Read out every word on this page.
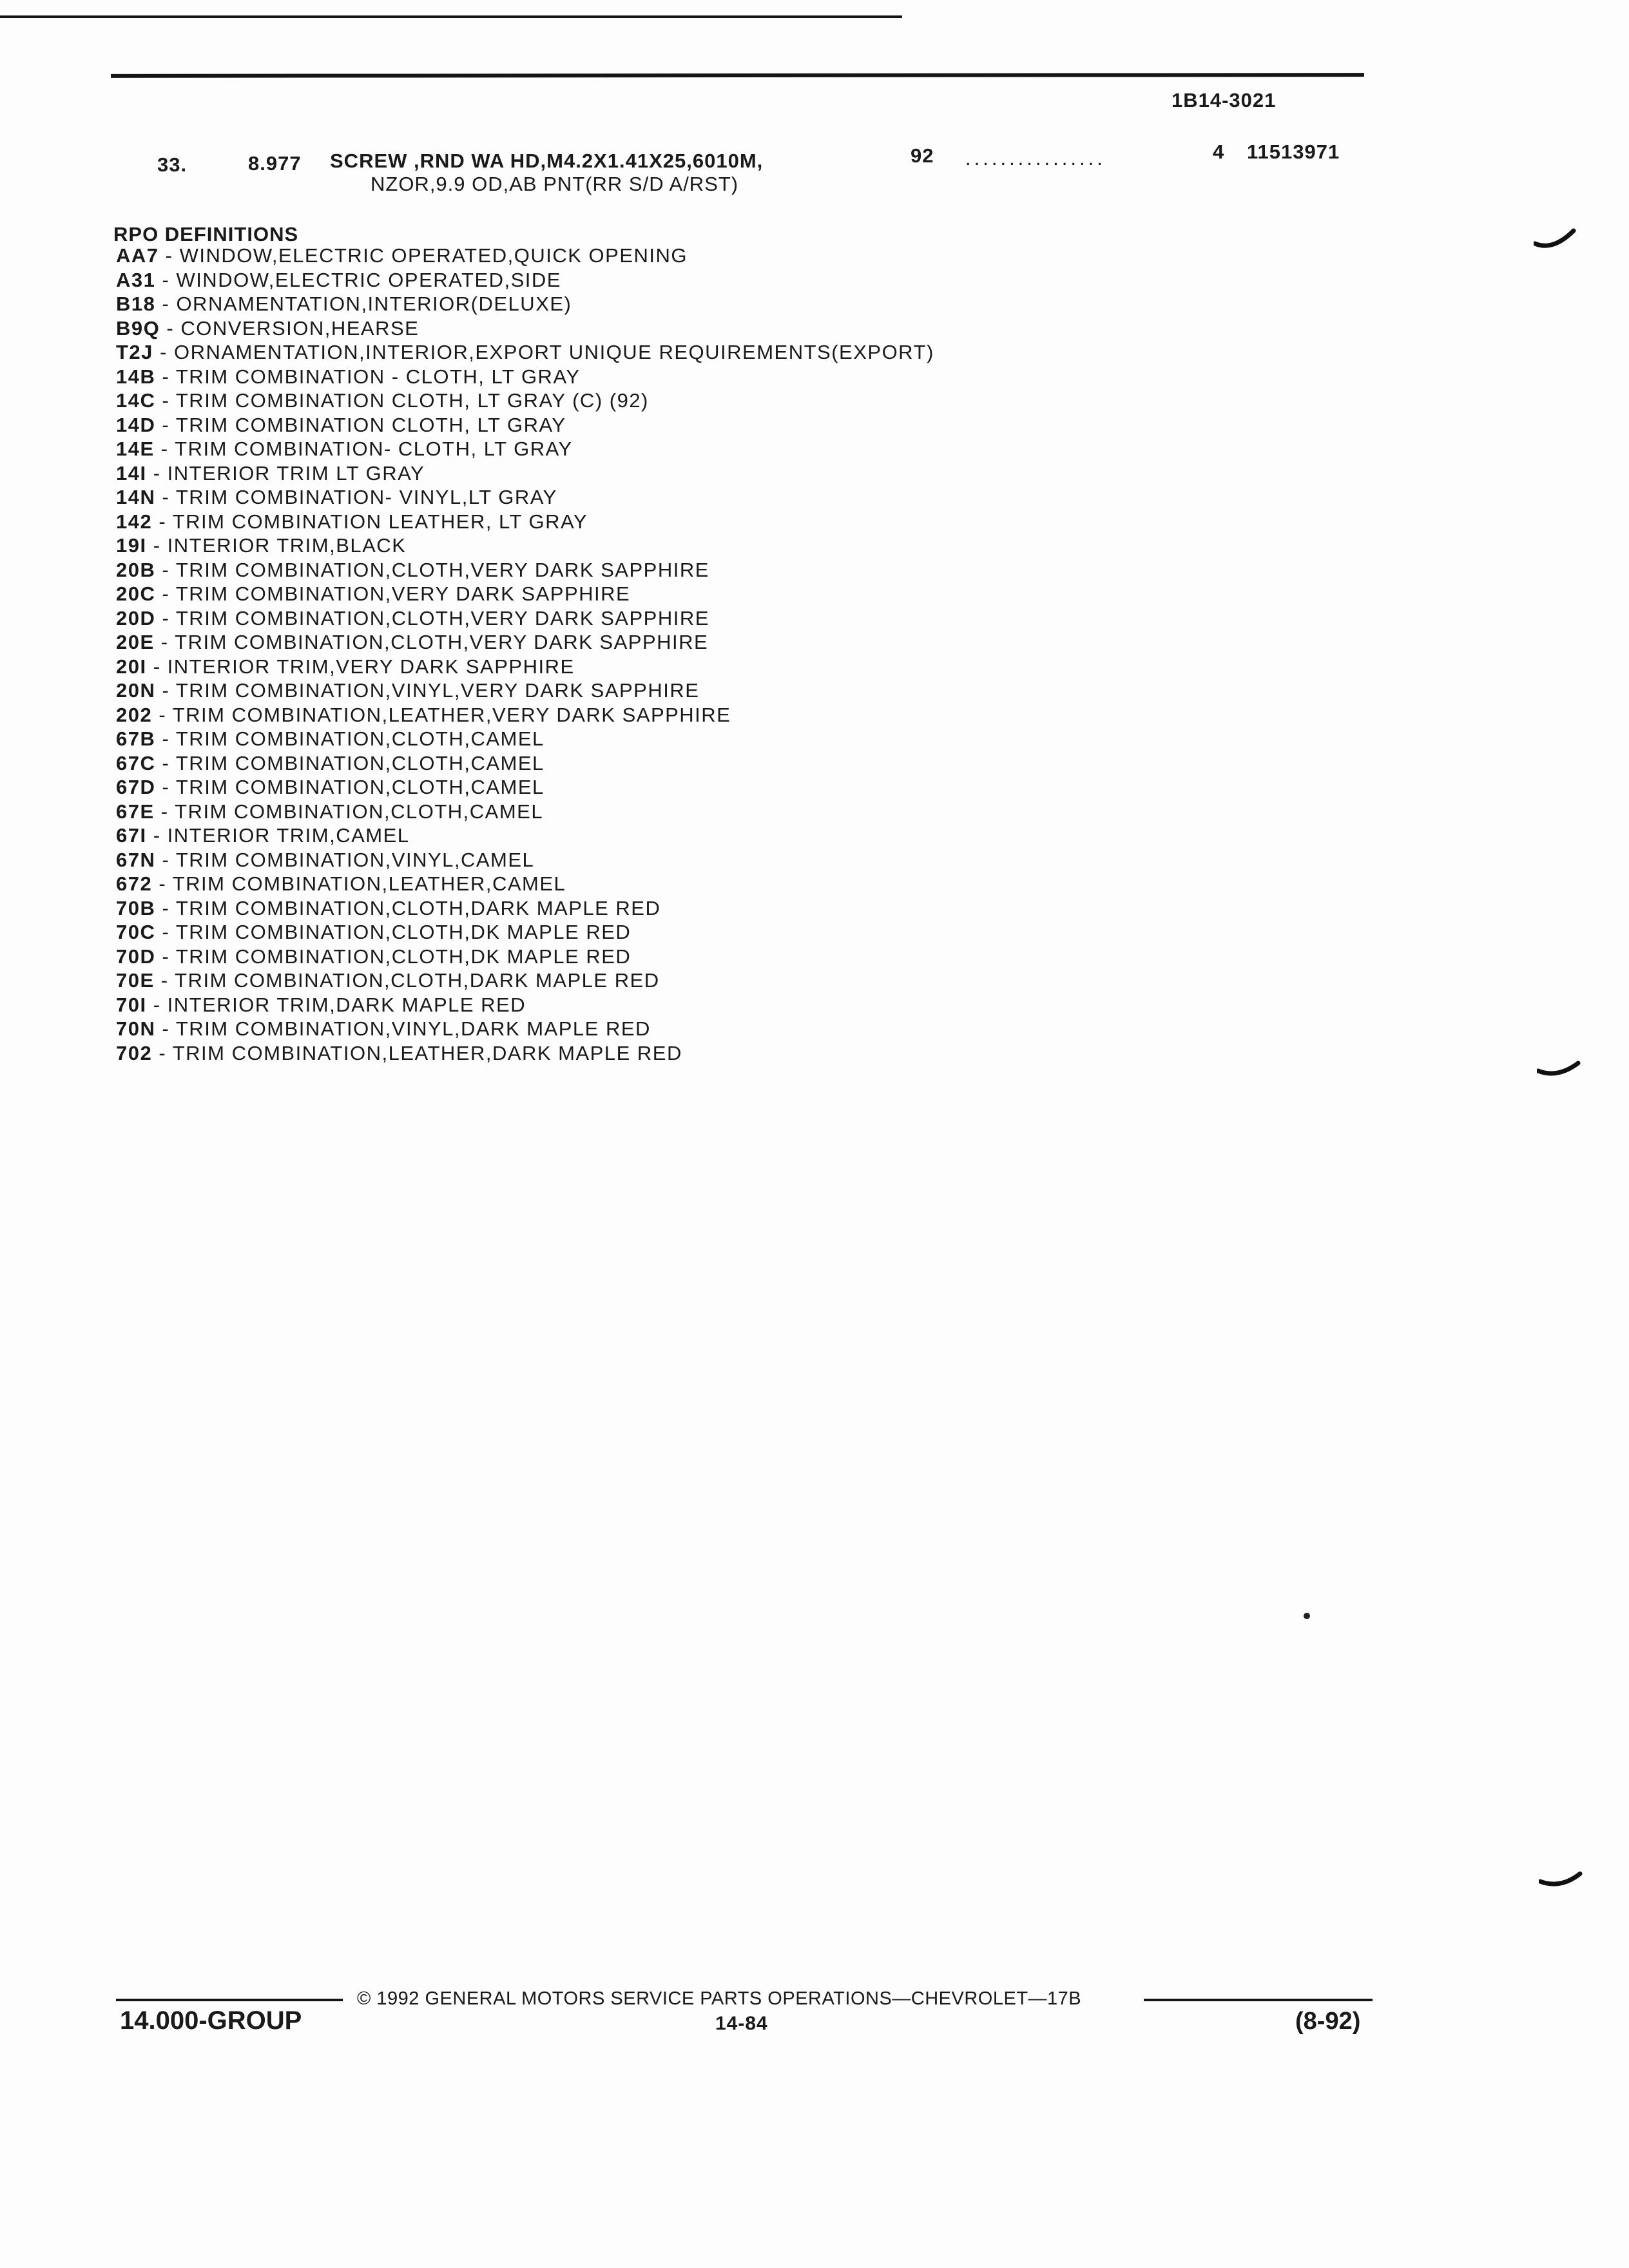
1B14-3021
33.	8.977 SCREW ,RND WA HD,M4.2X1.41X25,6010M,
NZOR,9.9 OD,AB PNT(RR S/D A/RST)
92 ................	4 11513971
RPO DEFINITIONS
AA7 - WINDOW,ELECTRIC OPERATED,QUICK OPENING
A31 - WINDOW,ELECTRIC OPERATED,SIDE
B18 - ORNAMENTATION,INTERIOR(DELUXE)
B9Q - CONVERSION,HEARSE
T2J - ORNAMENTATION,INTERIOR,EXPORT UNIQUE REQUIREMENTS(EXPORT)
14B - TRIM COMBINATION - CLOTH, LT GRAY
14C - TRIM COMBINATION CLOTH, LT GRAY (C) (92)
14D - TRIM COMBINATION CLOTH, LT GRAY
14E - TRIM COMBINATION- CLOTH, LT GRAY
14I - INTERIOR TRIM LT GRAY
14N - TRIM COMBINATION- VINYL,LT GRAY
142 - TRIM COMBINATION LEATHER, LT GRAY
19I - INTERIOR TRIM,BLACK
20B - TRIM COMBINATION,CLOTH,VERY DARK SAPPHIRE
20C - TRIM COMBINATION,VERY DARK SAPPHIRE
20D - TRIM COMBINATION,CLOTH,VERY DARK SAPPHIRE
20E - TRIM COMBINATION,CLOTH,VERY DARK SAPPHIRE
20I - INTERIOR TRIM,VERY DARK SAPPHIRE
20N - TRIM COMBINATION,VINYL,VERY DARK SAPPHIRE
202 - TRIM COMBINATION,LEATHER,VERY DARK SAPPHIRE
67B - TRIM COMBINATION,CLOTH,CAMEL
67C - TRIM COMBINATION,CLOTH,CAMEL
67D - TRIM COMBINATION,CLOTH,CAMEL
67E - TRIM COMBINATION,CLOTH,CAMEL
67I - INTERIOR TRIM,CAMEL
67N - TRIM COMBINATION,VINYL,CAMEL
672 - TRIM COMBINATION,LEATHER,CAMEL
70B - TRIM COMBINATION,CLOTH,DARK MAPLE RED
70C - TRIM COMBINATION,CLOTH,DK MAPLE RED
70D - TRIM COMBINATION,CLOTH,DK MAPLE RED
70E - TRIM COMBINATION,CLOTH,DARK MAPLE RED
70I - INTERIOR TRIM,DARK MAPLE RED
70N - TRIM COMBINATION,VINYL,DARK MAPLE RED
702 - TRIM COMBINATION,LEATHER,DARK MAPLE RED
© 1992 GENERAL MOTORS SERVICE PARTS OPERATIONS—CHEVROLET—17B
14.000-GROUP	14-84	(8-92)
